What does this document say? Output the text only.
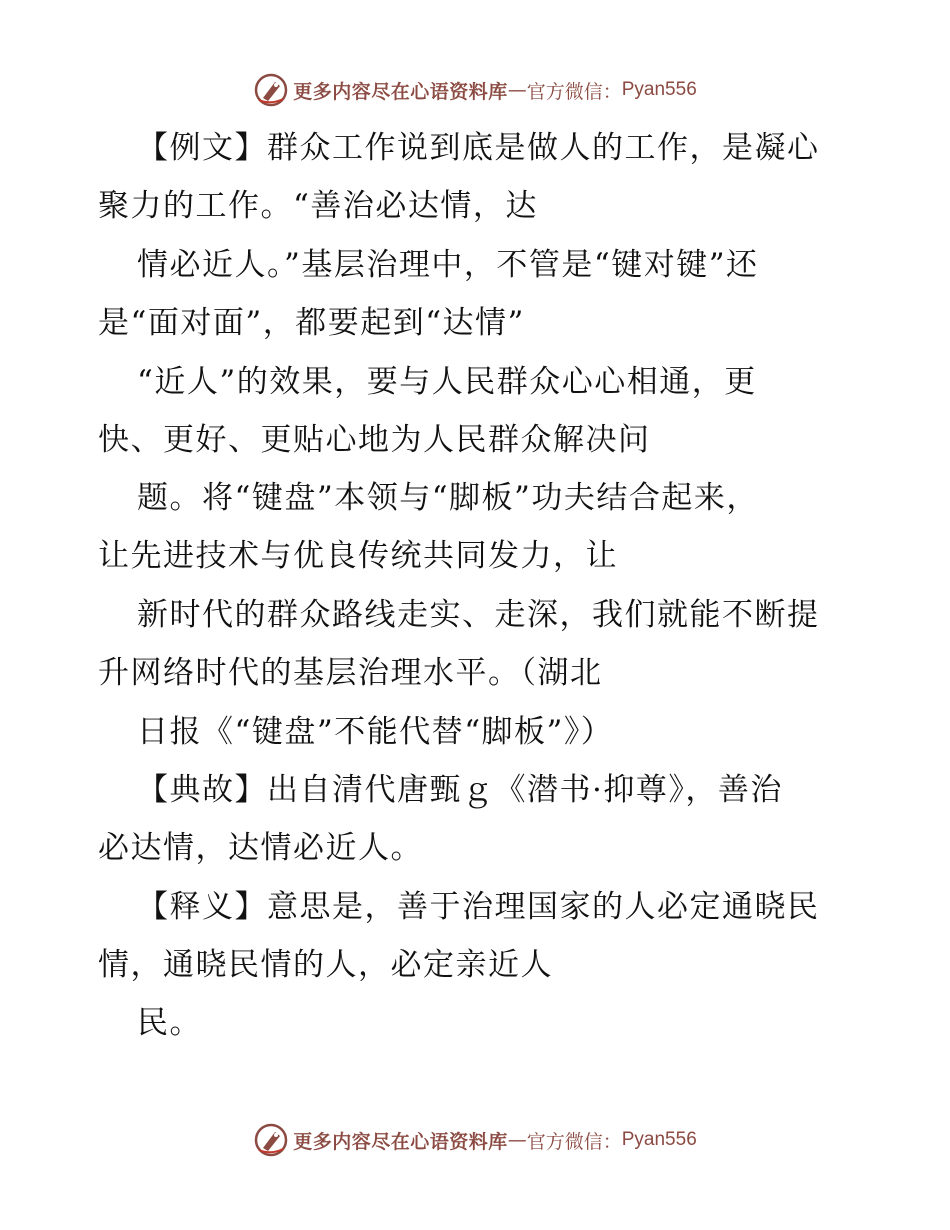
更多内容尽在心语资料库 — 官方微信： Pyan556
【例文】群众工作说到底是做人的工作，是凝心
聚力的工作。“善治必达情，达
情必近人。”基层治理中，不管是“键对键”还
是“面对面”，都要起到“达情”
“近人”的效果，要与人民群众心心相通，更
快、更好、更贴心地为人民群众解决问
题。将“键盘”本领与“脚板”功夫结合起来，
让先进技术与优良传统共同发力，让
新时代的群众路线走实、走深，我们就能不断提
升网络时代的基层治理水平。（湖北
日报《“键盘”不能代替“脚板”》）
【典故】出自清代唐甄ｇ《潜书·抑尊》，善治
必达情，达情必近人。
【释义】意思是，善于治理国家的人必定通晓民
情，通晓民情的人，必定亲近人
民。
更多内容尽在心语资料库 — 官方微信： Pyan556
